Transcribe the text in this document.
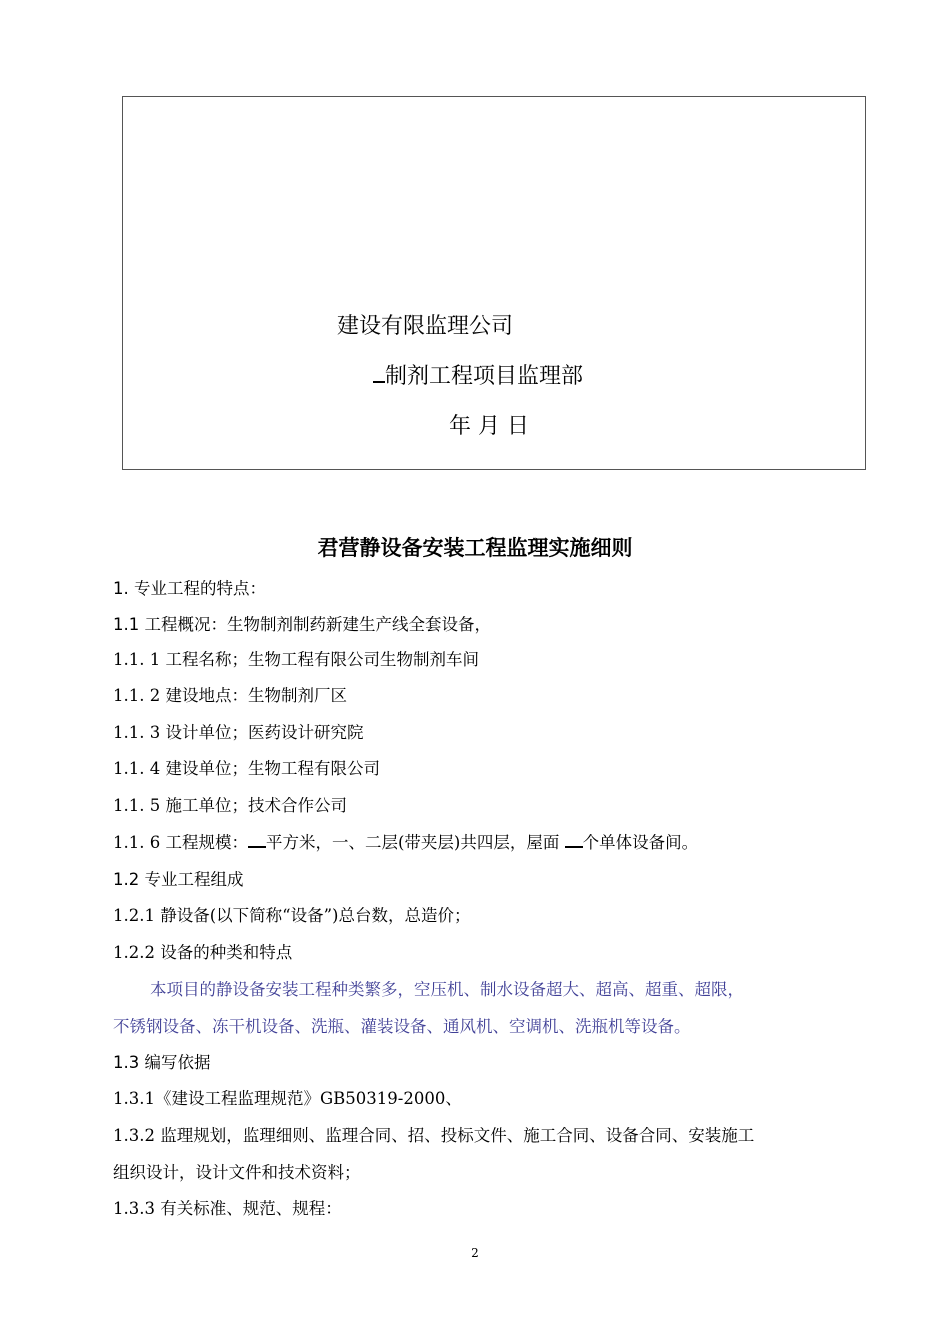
建设有限监理公司
制剂工程项目监理部
年 月 日
君营静设备安装工程监理实施细则
1. 专业工程的特点：
1.1 工程概况：生物制剂制药新建生产线全套设备，
1.1. 1 工程名称；生物工程有限公司生物制剂车间
1.1. 2 建设地点：生物制剂厂区
1.1. 3 设计单位；医药设计研究院
1.1. 4 建设单位；生物工程有限公司
1.1. 5 施工单位；技术合作公司
1.1. 6 工程规模： 平方米，一、二层(带夹层)共四层，屋面 个单体设备间。
1.2 专业工程组成
1.2.1 静设备(以下简称“设备”)总台数，总造价；
1.2.2 设备的种类和特点
本项目的静设备安装工程种类繁多，空压机、制水设备超大、超高、超重、超限，
不锈钢设备、冻干机设备、洗瓶、灌装设备、通风机、空调机、洗瓶机等设备。
1.3 编写依据
1.3.1《建设工程监理规范》GB50319-2000、
1.3.2 监理规划，监理细则、监理合同、招、投标文件、施工合同、设备合同、安装施工
组织设计，设计文件和技术资料；
1.3.3 有关标准、规范、规程：
2
